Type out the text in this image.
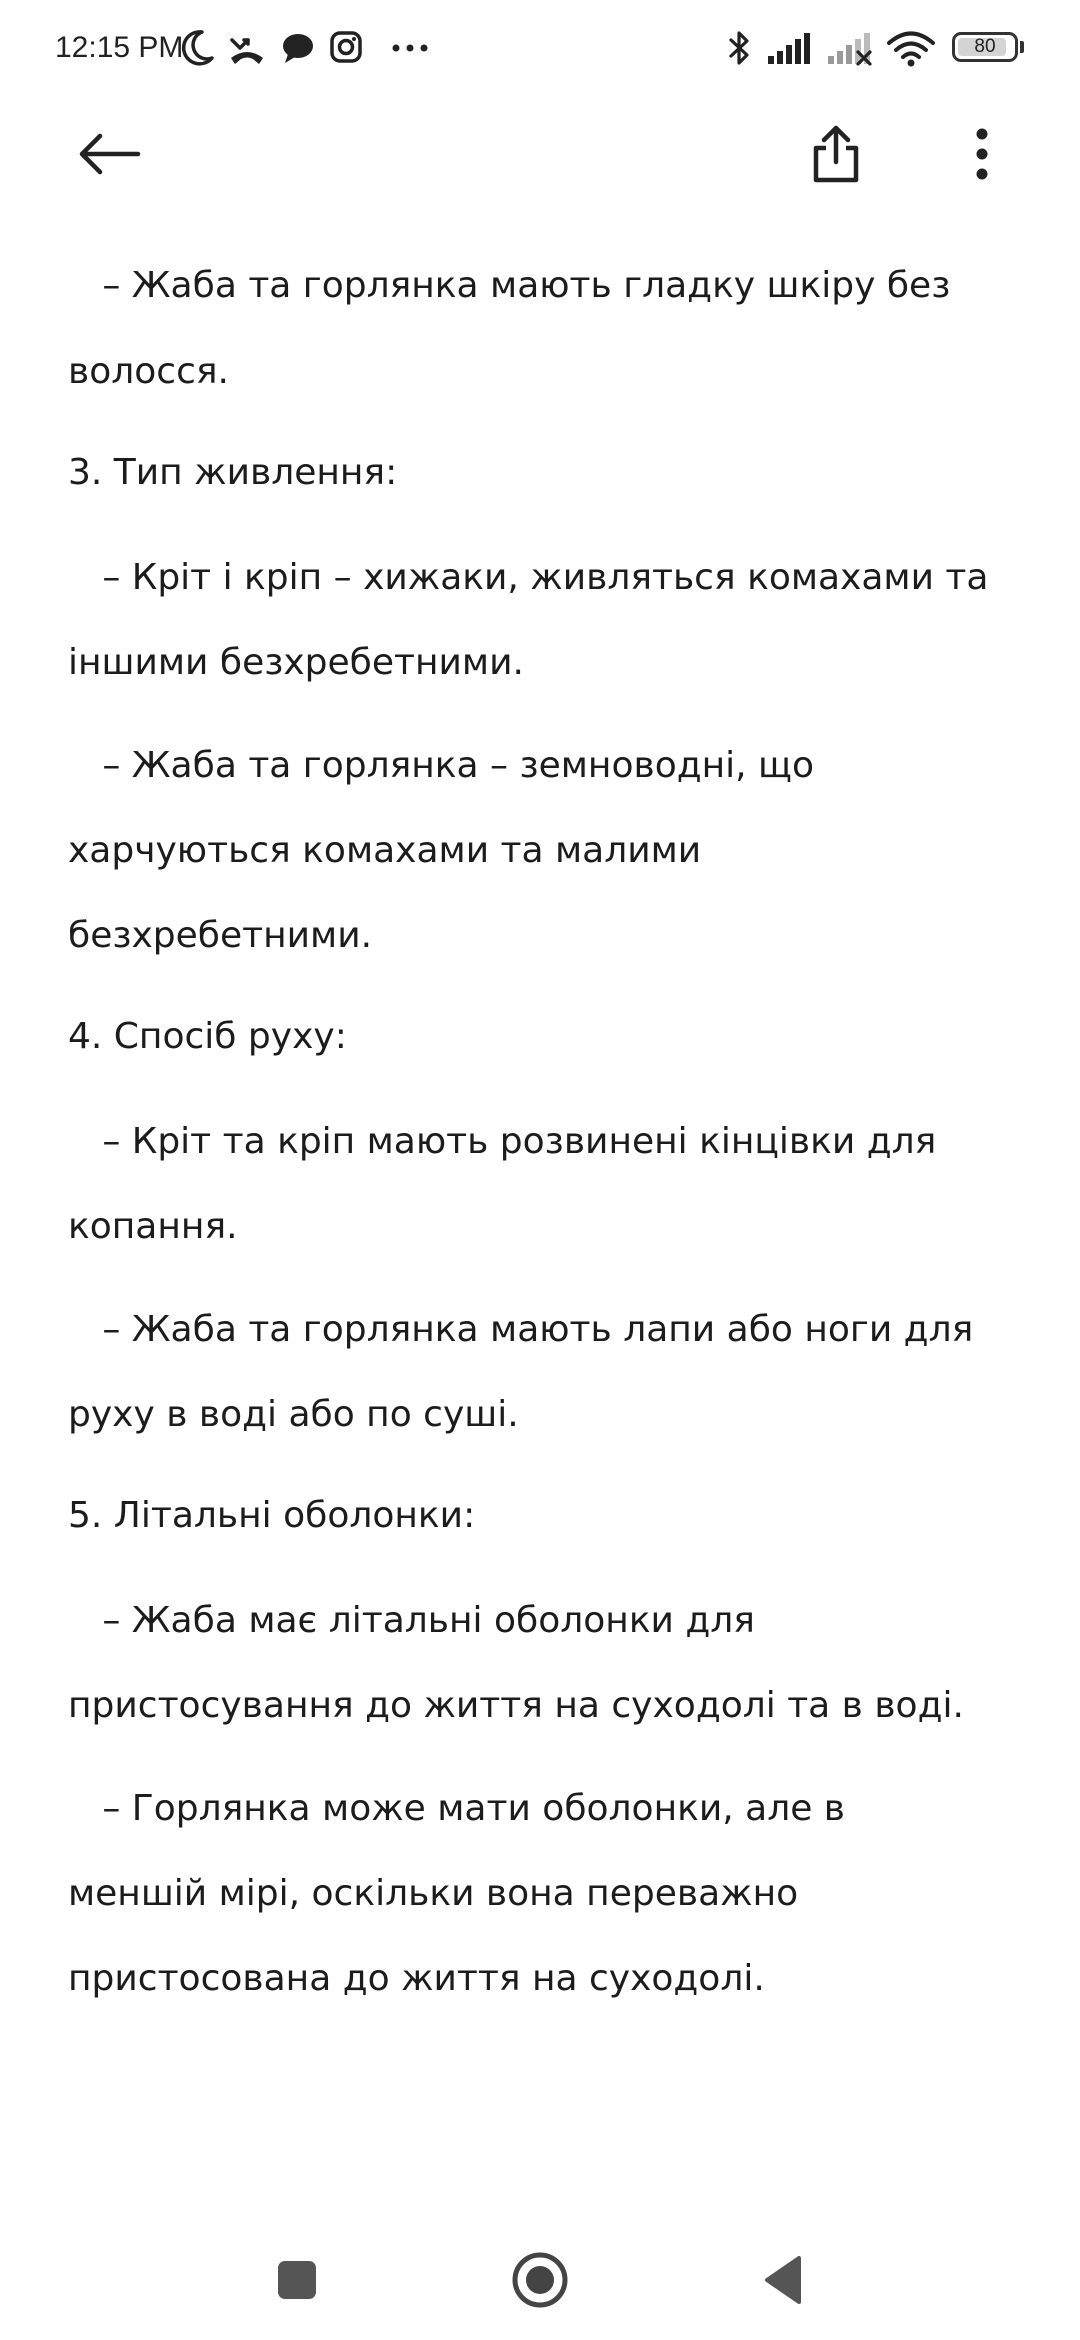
12:15 PM	80
– Жаба та горлянка мають гладку шкіру без
волосся.
3. Тип живлення:
– Кріт і кріп – хижаки, живляться комахами та
іншими безхребетними.
– Жаба та горлянка – земноводні, що
харчуються комахами та малими
безхребетними.
4. Спосіб руху:
– Кріт та кріп мають розвинені кінцівки для
копання.
– Жаба та горлянка мають лапи або ноги для
руху в воді або по суші.
5. Літальні оболонки:
– Жаба має літальні оболонки для
пристосування до життя на суходолі та в воді.
– Горлянка може мати оболонки, але в
меншій мірі, оскільки вона переважно
пристосована до життя на суходолі.
